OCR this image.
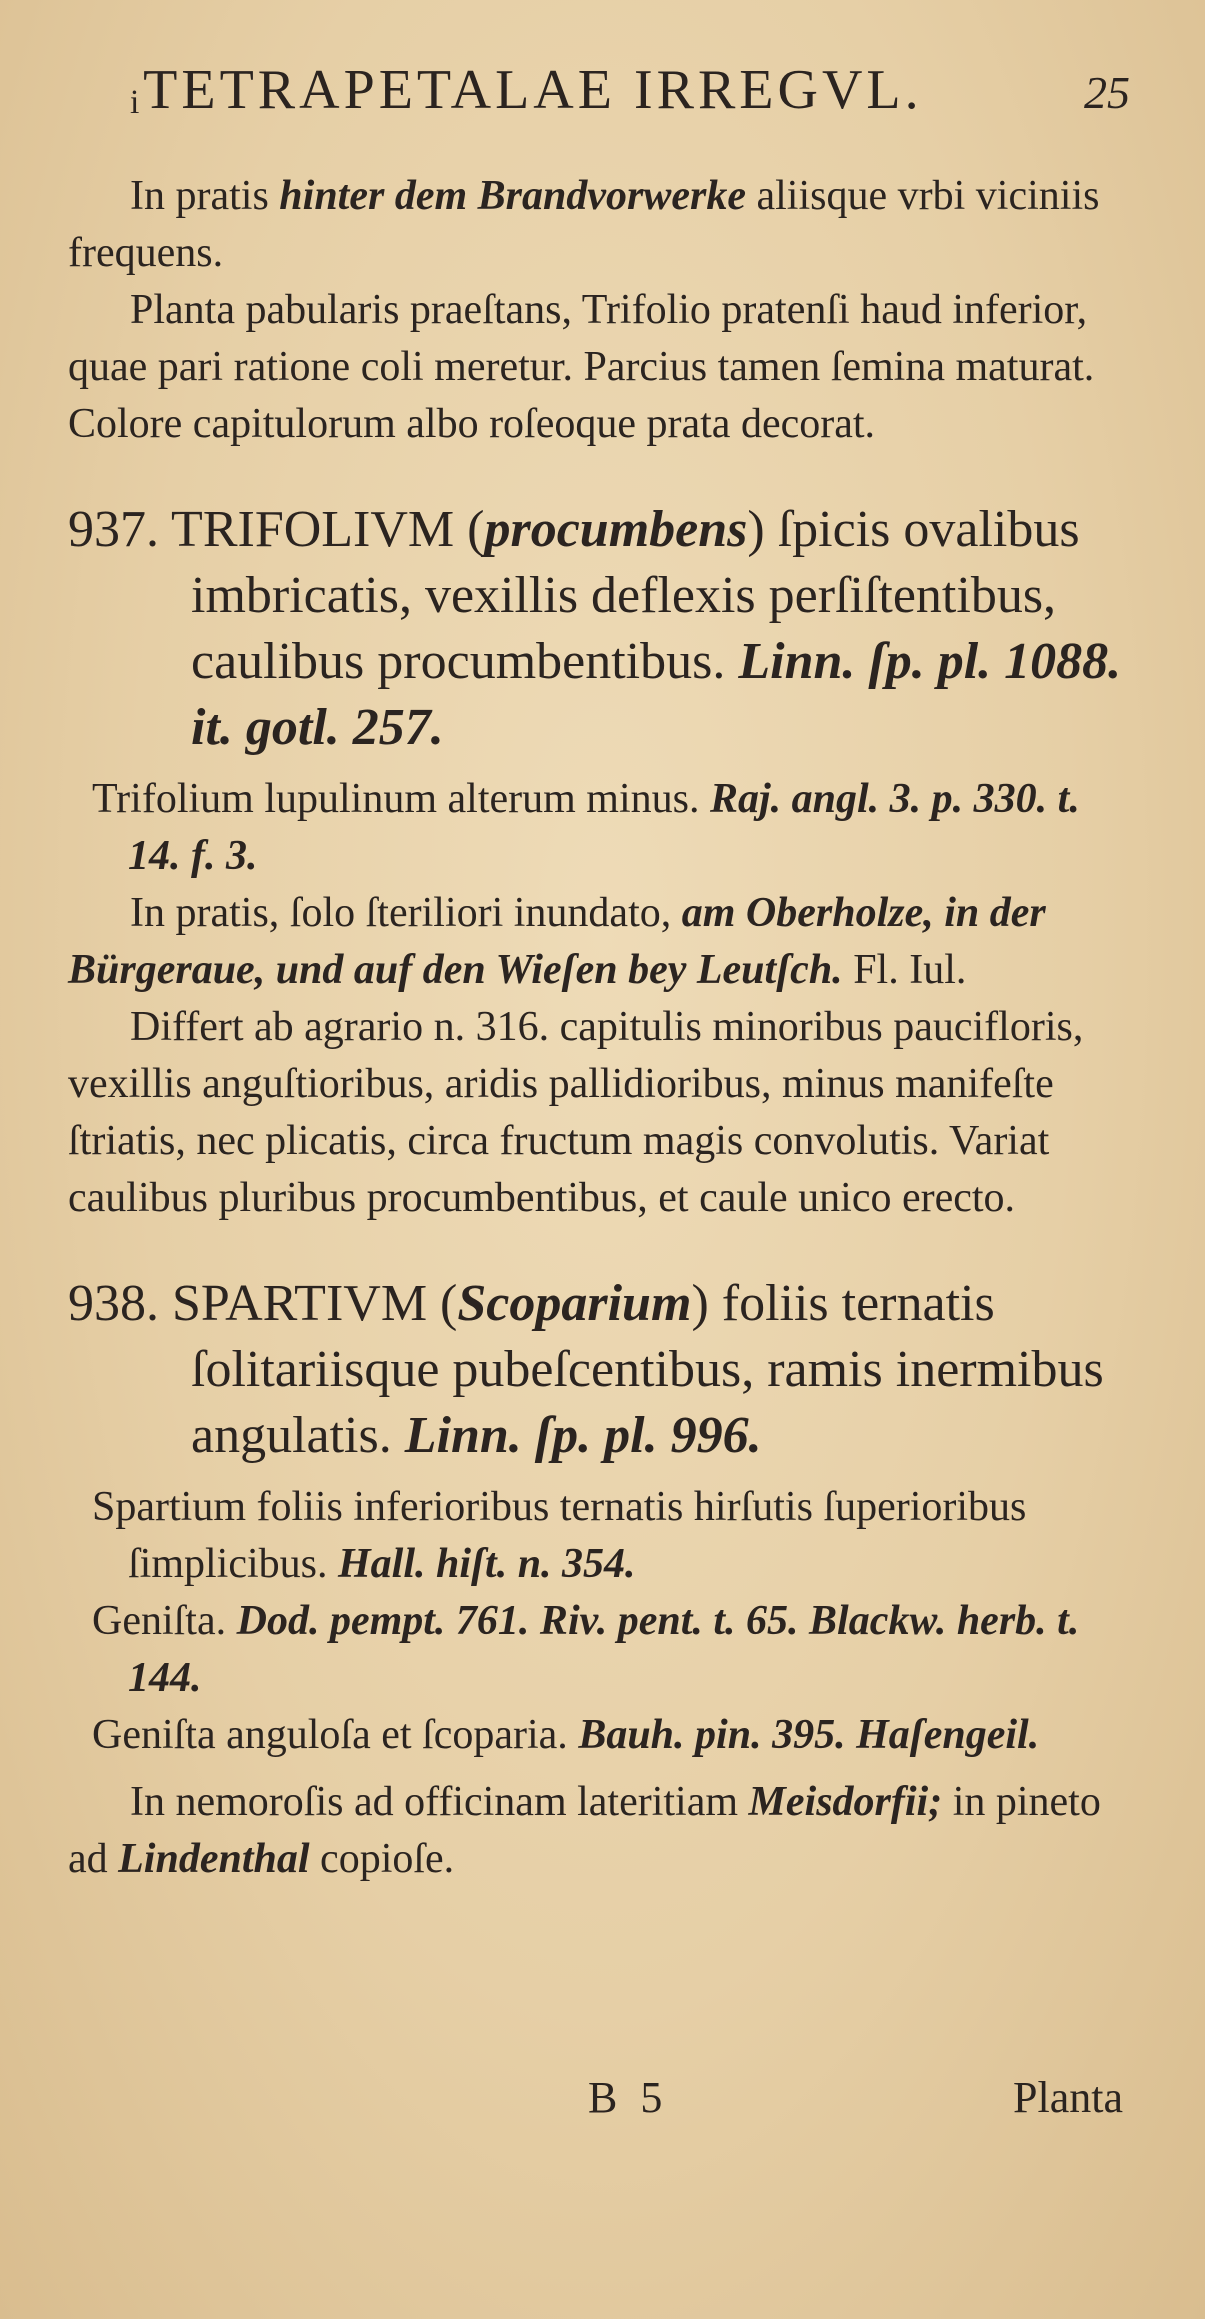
ᵢTETRAPETALAE IRREGVL.	25

In pratis hinter dem Brandvorwerke aliisque vrbi viciniis frequens.

Planta pabularis praeſtans, Trifolio pratenſi haud inferior, quae pari ratione coli meretur. Parcius tamen ſemina maturat. Colore capitulorum albo roſeoque prata decorat.

937. TRIFOLIVM (procumbens) ſpicis ovalibus imbricatis, vexillis deflexis perſiſtentibus, caulibus procumbentibus. Linn. ſp. pl. 1088. it. gotl. 257.

Trifolium lupulinum alterum minus. Raj. angl. 3. p. 330. t. 14. f. 3.

In pratis, ſolo ſteriliori inundato, am Oberholze, in der Bürgeraue, und auf den Wieſen bey Leutſch. Fl. Iul.

Differt ab agrario n. 316. capitulis minoribus paucifloris, vexillis anguſtioribus, aridis pallidioribus, minus manifeſte ſtriatis, nec plicatis, circa fructum magis convolutis. Variat caulibus pluribus procumbentibus, et caule unico erecto.

938. SPARTIVM (Scoparium) foliis ternatis ſolitariisque pubeſcentibus, ramis inermibus angulatis. Linn. ſp. pl. 996.

Spartium foliis inferioribus ternatis hirſutis ſuperioribus ſimplicibus. Hall. hiſt. n. 354.

Geniſta. Dod. pempt. 761. Riv. pent. t. 65. Blackw. herb. t. 144.

Geniſta anguloſa et ſcoparia. Bauh. pin. 395. Haſengeil.

In nemoroſis ad officinam lateritiam Meisdorfii; in pineto ad Lindenthal copioſe.

B 5	Planta
